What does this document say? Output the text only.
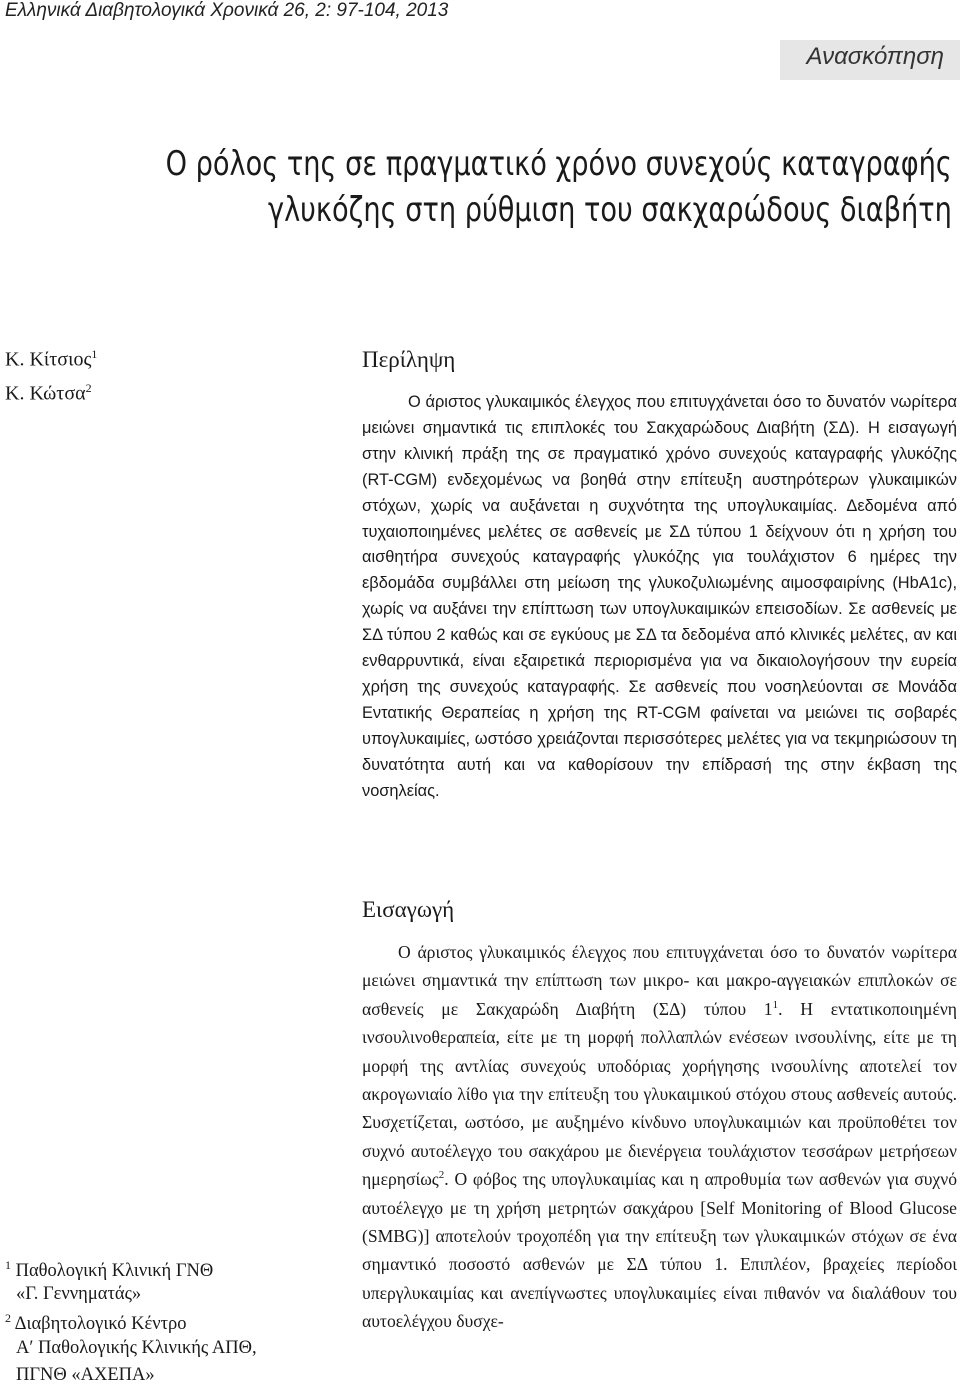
Ελληνικά Διαβητολογικά Χρονικά 26, 2: 97-104, 2013
Ανασκόπηση
Ο ρόλος της σε πραγματικό χρόνο συνεχούς καταγραφής
γλυκόζης στη ρύθμιση του σακχαρώδους διαβήτη
Κ. Κίτσιος$^1$
Κ. Κώτσα$^2$
Περίληψη

Ο άριστος γλυκαιμικός έλεγχος που επιτυγχάνεται όσο το δυνατόν νωρίτερα μειώνει σημαντικά τις επιπλοκές του Σακχαρώδους Διαβήτη (ΣΔ). Η εισαγωγή στην κλινική πράξη της σε πραγματικό χρόνο συνεχούς καταγραφής γλυκόζης (RT-CGM) ενδεχομένως να βοηθά στην επίτευξη αυστηρότερων γλυκαιμικών στόχων, χωρίς να αυξάνεται η συχνότητα της υπογλυκαιμίας. Δεδομένα από τυχαιοποιημένες μελέτες σε ασθενείς με ΣΔ τύπου 1 δείχνουν ότι η χρήση του αισθητήρα συνεχούς καταγραφής γλυκόζης για τουλάχιστον 6 ημέρες την εβδομάδα συμβάλλει στη μείωση της γλυκοζυλιωμένης αιμοσφαιρίνης (HbA1c), χωρίς να αυξάνει την επίπτωση των υπογλυκαιμικών επεισοδίων. Σε ασθενείς με ΣΔ τύπου 2 καθώς και σε εγκύους με ΣΔ τα δεδομένα από κλινικές μελέτες, αν και ενθαρρυντικά, είναι εξαιρετικά περιορισμένα για να δικαιολογήσουν την ευρεία χρήση της συνεχούς καταγραφής. Σε ασθενείς που νοσηλεύονται σε Μονάδα Εντατικής Θεραπείας η χρήση της RT-CGM φαίνεται να μειώνει τις σοβαρές υπογλυκαιμίες, ωστόσο χρειάζονται περισσότερες μελέτες για να τεκμηριώσουν τη δυνατότητα αυτή και να καθορίσουν την επίδρασή της στην έκβαση της νοσηλείας.

Εισαγωγή

Ο άριστος γλυκαιμικός έλεγχος που επιτυγχάνεται όσο το δυνατόν νωρίτερα μειώνει σημαντικά την επίπτωση των μικρο- και μακρο-αγγειακών επιπλοκών σε ασθενείς με Σακχαρώδη Διαβήτη (ΣΔ) τύπου $1^1$. Η εντατικοποιημένη ινσουλινοθεραπεία, είτε με τη μορφή πολλαπλών ενέσεων ινσουλίνης, είτε με τη μορφή της αντλίας συνεχούς υποδόριας χορήγησης ινσουλίνης αποτελεί τον ακρογωνιαίο λίθο για την επίτευξη του γλυκαιμικού στόχου στους ασθενείς αυτούς. Συσχετίζεται, ωστόσο, με αυξημένο κίνδυνο υπογλυκαιμιών και προϋποθέτει τον συχνό αυτοέλεγχο του σακχάρου με διενέργεια τουλάχιστον τεσσάρων μετρήσεων ημερησίως$^2$. Ο φόβος της υπογλυκαιμίας και η απροθυμία των ασθενών για συχνό αυτοέλεγχο με τη χρήση μετρητών σακχάρου [Self Monitoring of Blood Glucose (SMBG)] αποτελούν τροχοπέδη για την επίτευξη των γλυκαιμικών στόχων σε ένα σημαντικό ποσοστό ασθενών με ΣΔ τύπου 1. Επιπλέον, βραχείες περίοδοι υπεργλυκαιμίας και ανεπίγνωστες υπογλυκαιμίες είναι πιθανόν να διαλάθουν του αυτοελέγχου δυσχε-

$^1$ Παθολογική Κλινική ΓΝΘ
«Γ. Γεννηματάς»
$^2$ Διαβητολογικό Κέντρο
Α′ Παθολογικής Κλινικής ΑΠΘ,
ΠΓΝΘ «ΑΧΕΠΑ»
